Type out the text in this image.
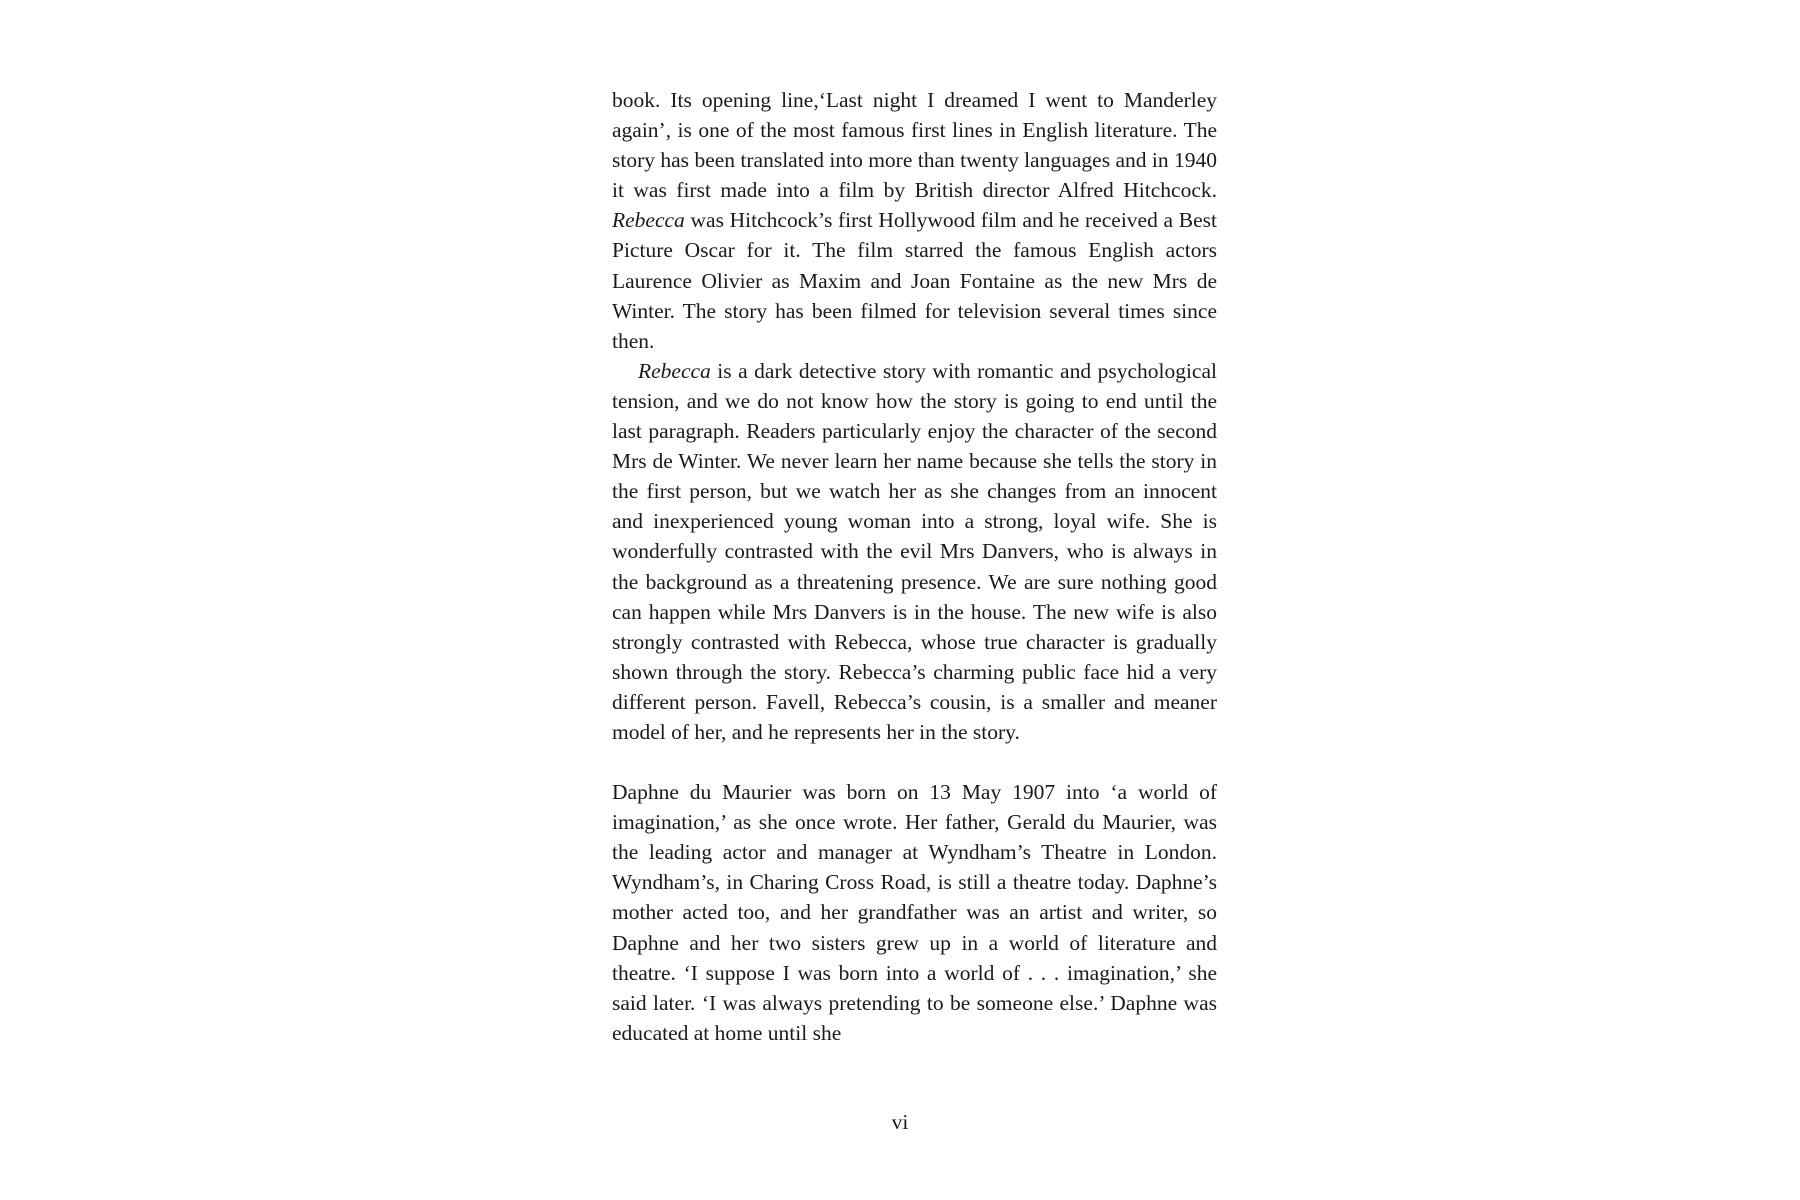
book. Its opening line,‘Last night I dreamed I went to Manderley again’, is one of the most famous first lines in English literature. The story has been translated into more than twenty languages and in 1940 it was first made into a film by British director Alfred Hitchcock. Rebecca was Hitchcock’s first Hollywood film and he received a Best Picture Oscar for it. The film starred the famous English actors Laurence Olivier as Maxim and Joan Fontaine as the new Mrs de Winter. The story has been filmed for television several times since then.

Rebecca is a dark detective story with romantic and psychological tension, and we do not know how the story is going to end until the last paragraph. Readers particularly enjoy the character of the second Mrs de Winter. We never learn her name because she tells the story in the first person, but we watch her as she changes from an innocent and inexperienced young woman into a strong, loyal wife. She is wonderfully contrasted with the evil Mrs Danvers, who is always in the background as a threatening presence. We are sure nothing good can happen while Mrs Danvers is in the house. The new wife is also strongly contrasted with Rebecca, whose true character is gradually shown through the story. Rebecca’s charming public face hid a very different person. Favell, Rebecca’s cousin, is a smaller and meaner model of her, and he represents her in the story.

Daphne du Maurier was born on 13 May 1907 into ‘a world of imagination,’ as she once wrote. Her father, Gerald du Maurier, was the leading actor and manager at Wyndham’s Theatre in London. Wyndham’s, in Charing Cross Road, is still a theatre today. Daphne’s mother acted too, and her grandfather was an artist and writer, so Daphne and her two sisters grew up in a world of literature and theatre. ‘I suppose I was born into a world of . . . imagination,’ she said later. ‘I was always pretending to be someone else.’ Daphne was educated at home until she

vi
